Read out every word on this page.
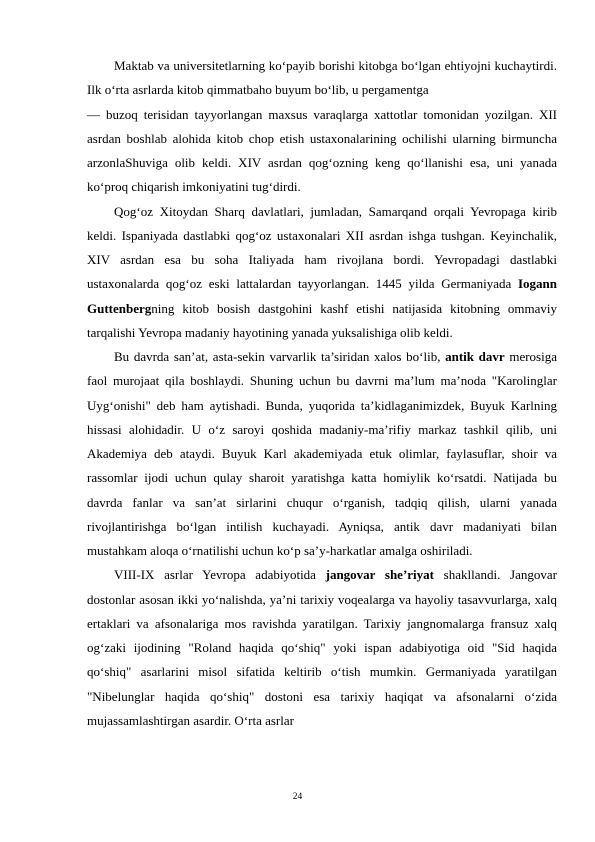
Maktab va universitetlarning ko‘payib borishi kitobga bo‘lgan ehtiyojni kuchaytirdi. Ilk o‘rta asrlarda kitob qimmatbaho buyum bo‘lib, u pergamentga

— buzoq terisidan tayyorlangan maxsus varaqlarga xattotlar tomonidan yozilgan. XII asrdan boshlab alohida kitob chop etish ustaxonalarining ochilishi ularning birmuncha arzonlaShuviga olib keldi. XIV asrdan qog‘ozning keng qo‘llanishi esa, uni yanada ko‘proq chiqarish imkoniyatini tug‘dirdi.

Qog‘oz Xitoydan Sharq davlatlari, jumladan, Samarqand orqali Yevropaga kirib keldi. Ispaniyada dastlabki qog‘oz ustaxonalari XII asrdan ishga tushgan. Keyinchalik, XIV asrdan esa bu soha Italiyada ham rivojlana bordi. Yevropadagi dastlabki ustaxonalarda qog‘oz eski lattalardan tayyorlangan. 1445 yilda Germaniyada Iogann Guttenbergning kitob bosish dastgohini kashf etishi natijasida kitobning ommaviy tarqalishi Yevropa madaniy hayotining yanada yuksalishiga olib keldi.

Bu davrda san’at, asta-sekin varvarlik ta’siridan xalos bo‘lib, antik davr merosiga faol murojaat qila boshlaydi. Shuning uchun bu davrni ma’lum ma’noda "Karolinglar Uyg‘onishi" deb ham aytishadi. Bunda, yuqorida ta’kidlaganimizdek, Buyuk Karlning hissasi alohidadir. U o‘z saroyi qoshida madaniy-ma’rifiy markaz tashkil qilib, uni Akademiya deb ataydi. Buyuk Karl akademiyada etuk olimlar, faylasuflar, shoir va rassomlar ijodi uchun qulay sharoit yaratishga katta homiylik ko‘rsatdi. Natijada bu davrda fanlar va san’at sirlarini chuqur o‘rganish, tadqiq qilish, ularni yanada rivojlantirishga bo‘lgan intilish kuchayadi. Ayniqsa, antik davr madaniyati bilan mustahkam aloqa o‘rnatilishi uchun ko‘p sa’y-harkatlar amalga oshiriladi.

VIII-IX asrlar Yevropa adabiyotida jangovar she’riyat shakllandi. Jangovar dostonlar asosan ikki yo‘nalishda, ya’ni tarixiy voqealarga va hayoliy tasavvurlarga, xalq ertaklari va afsonalariga mos ravishda yaratilgan. Tarixiy jangnomalarga fransuz xalq og‘zaki ijodining "Roland haqida qo‘shiq" yoki ispan adabiyotiga oid "Sid haqida qo‘shiq" asarlarini misol sifatida keltirib o‘tish mumkin. Germaniyada yaratilgan "Nibelunglar haqida qo‘shiq" dostoni esa tarixiy haqiqat va afsonalarni o‘zida mujassamlashtirgan asardir. O‘rta asrlar

24
